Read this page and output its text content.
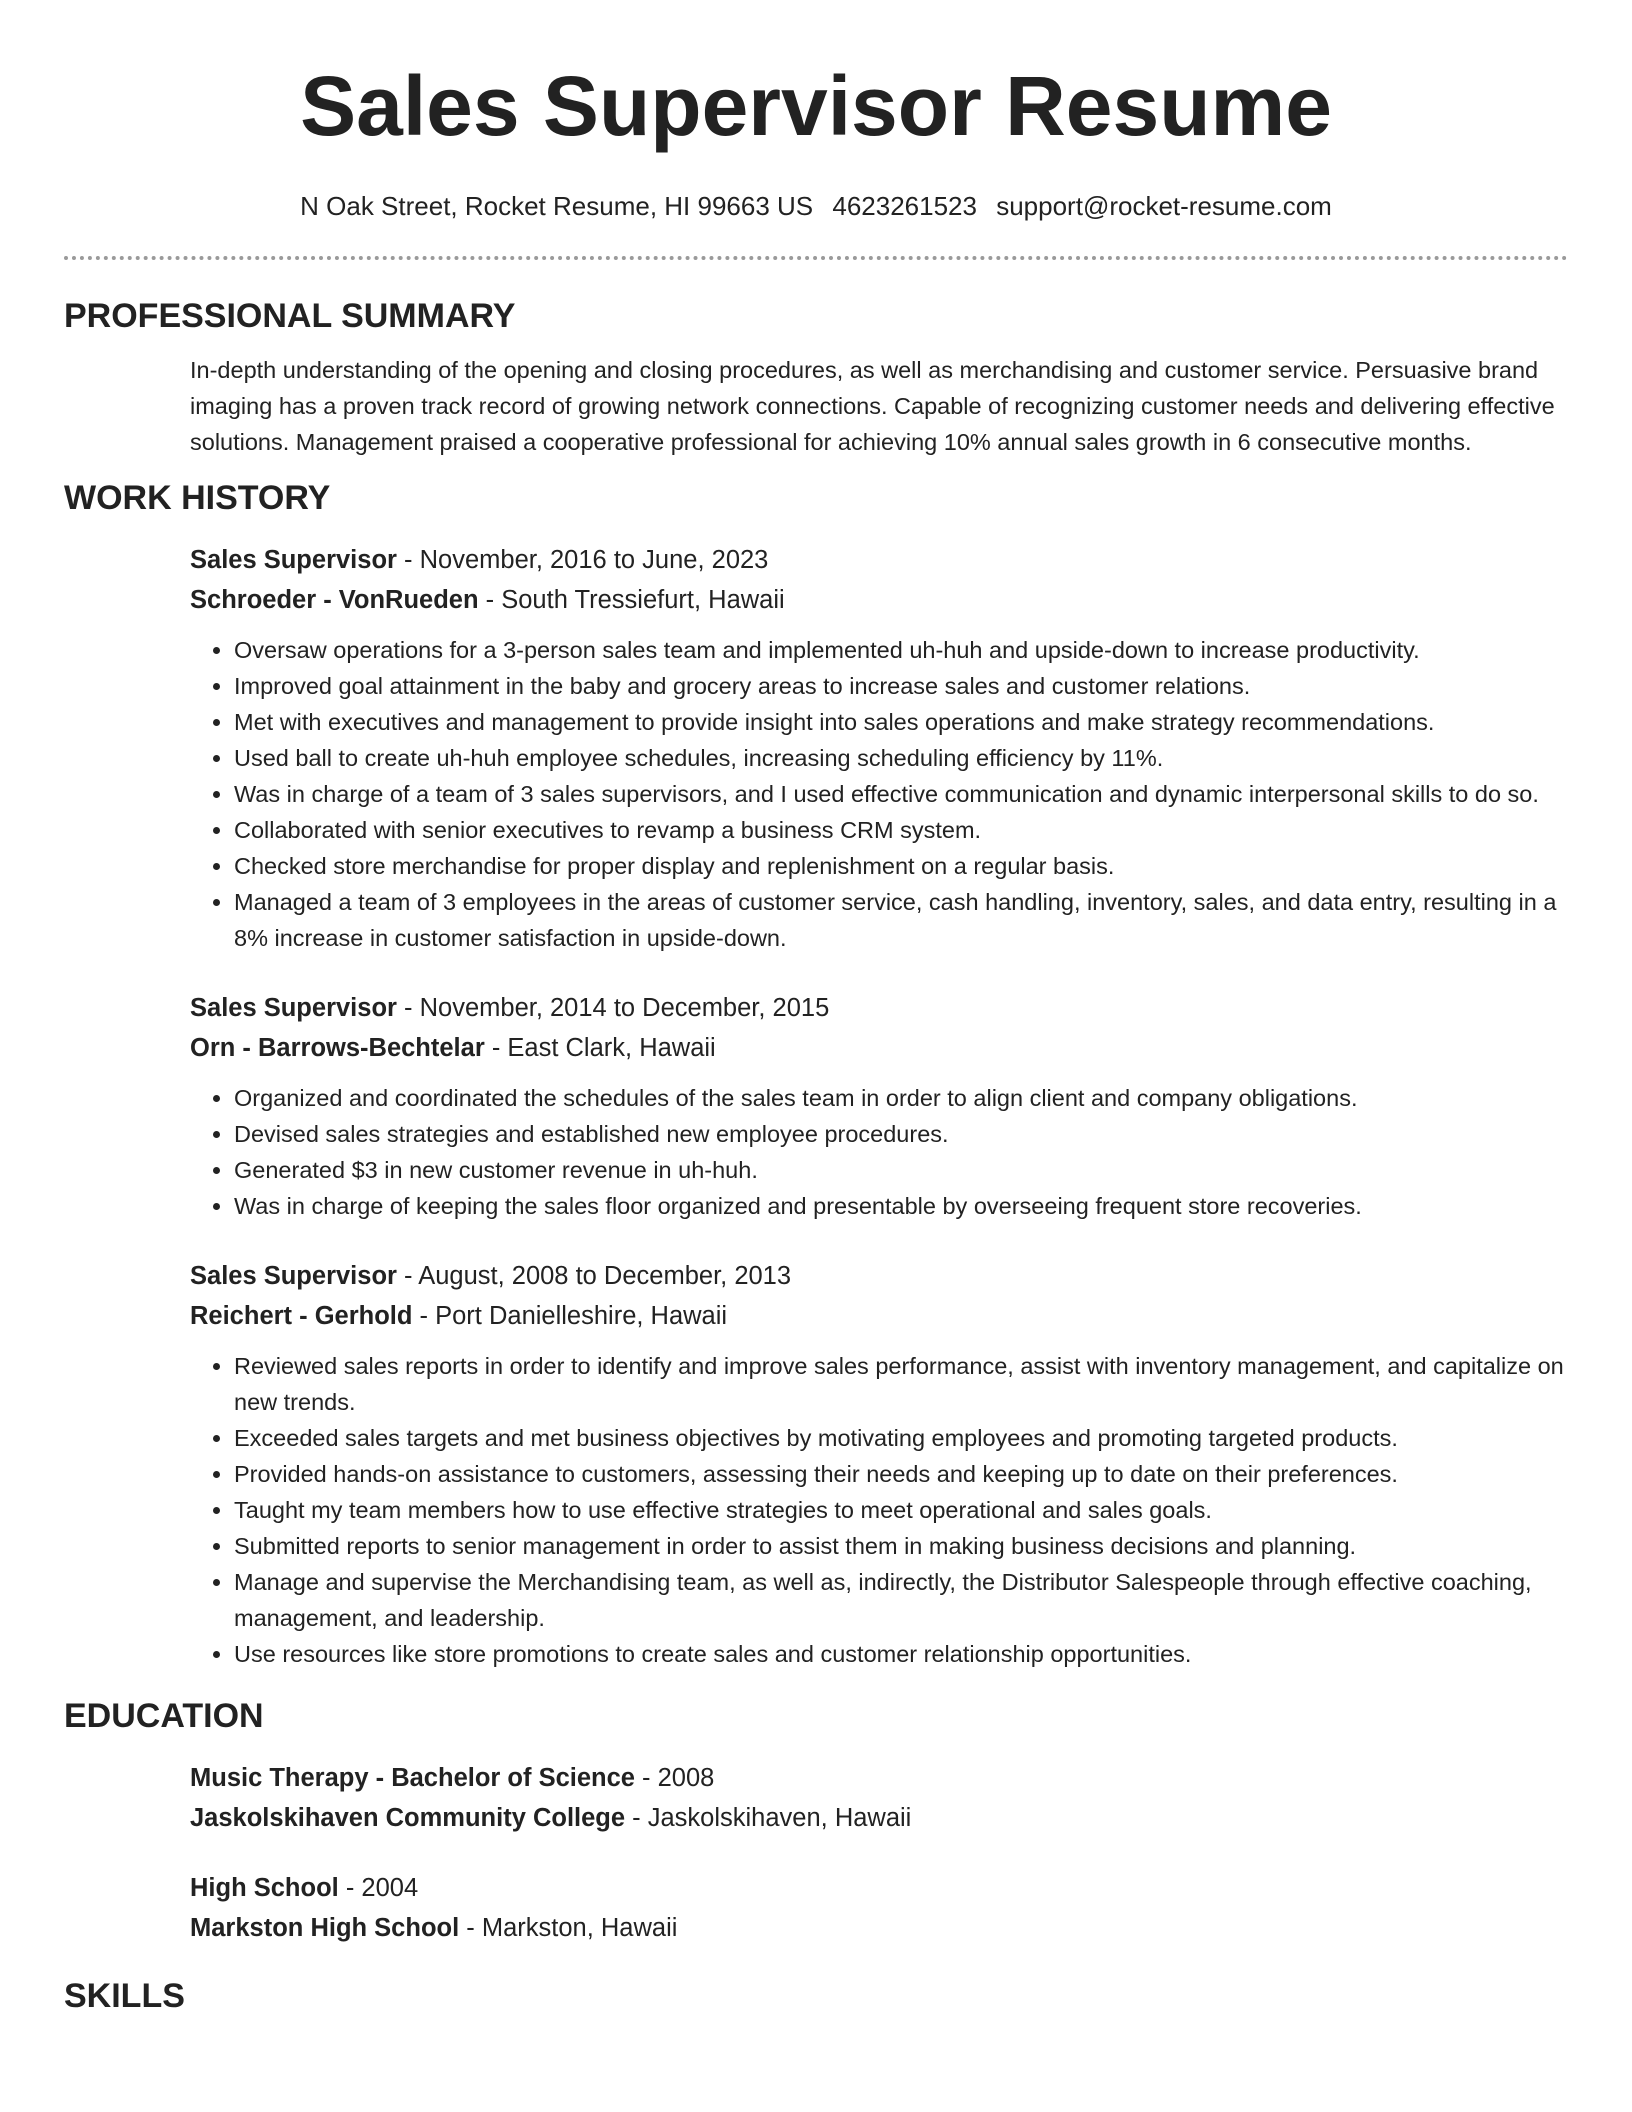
Sales Supervisor Resume
N Oak Street, Rocket Resume, HI 99663 US 4623261523 support@rocket-resume.com
PROFESSIONAL SUMMARY

In-depth understanding of the opening and closing procedures, as well as merchandising and customer service. Persuasive brand imaging has a proven track record of growing network connections. Capable of recognizing customer needs and delivering effective solutions. Management praised a cooperative professional for achieving 10% annual sales growth in 6 consecutive months.

WORK HISTORY

Sales Supervisor - November, 2016 to June, 2023

Schroeder - VonRueden - South Tressiefurt, Hawaii

• Oversaw operations for a 3-person sales team and implemented uh-huh and upside-down to increase productivity.
• Improved goal attainment in the baby and grocery areas to increase sales and customer relations.
• Met with executives and management to provide insight into sales operations and make strategy recommendations.
• Used ball to create uh-huh employee schedules, increasing scheduling efficiency by 11%.
• Was in charge of a team of 3 sales supervisors, and I used effective communication and dynamic interpersonal skills to do so.
• Collaborated with senior executives to revamp a business CRM system.
• Checked store merchandise for proper display and replenishment on a regular basis.
• Managed a team of 3 employees in the areas of customer service, cash handling, inventory, sales, and data entry, resulting in a 8% increase in customer satisfaction in upside-down.

Sales Supervisor - November, 2014 to December, 2015

Orn - Barrows-Bechtelar - East Clark, Hawaii

• Organized and coordinated the schedules of the sales team in order to align client and company obligations.
• Devised sales strategies and established new employee procedures.
• Generated $3 in new customer revenue in uh-huh.
• Was in charge of keeping the sales floor organized and presentable by overseeing frequent store recoveries.

Sales Supervisor - August, 2008 to December, 2013

Reichert - Gerhold - Port Danielleshire, Hawaii

• Reviewed sales reports in order to identify and improve sales performance, assist with inventory management, and capitalize on new trends.
• Exceeded sales targets and met business objectives by motivating employees and promoting targeted products.
• Provided hands-on assistance to customers, assessing their needs and keeping up to date on their preferences.
• Taught my team members how to use effective strategies to meet operational and sales goals.
• Submitted reports to senior management in order to assist them in making business decisions and planning.
• Manage and supervise the Merchandising team, as well as, indirectly, the Distributor Salespeople through effective coaching, management, and leadership.
• Use resources like store promotions to create sales and customer relationship opportunities.
EDUCATION

Music Therapy - Bachelor of Science - 2008

Jaskolskihaven Community College - Jaskolskihaven, Hawaii

High School - 2004

Markston High School - Markston, Hawaii

SKILLS
